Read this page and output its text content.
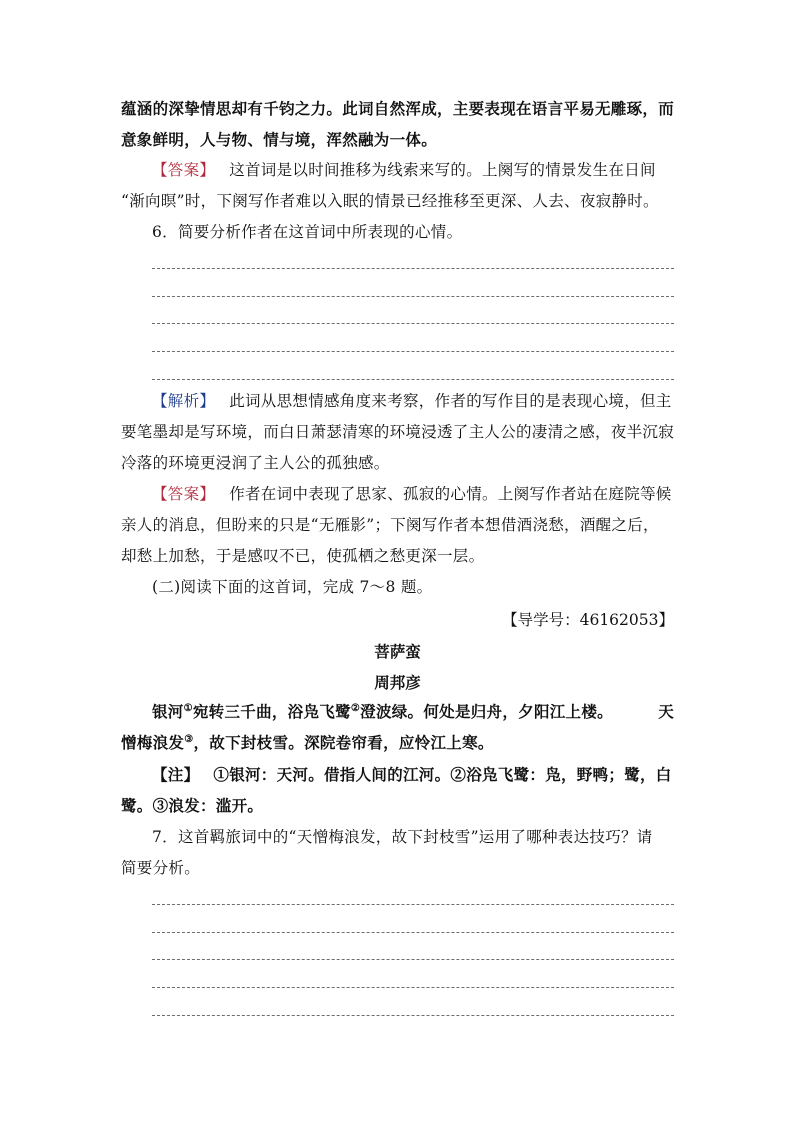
蕴涵的深挚情思却有千钧之力。此词自然浑成，主要表现在语言平易无雕琢，而
意象鲜明，人与物、情与境，浑然融为一体。
【答案】 这首词是以时间推移为线索来写的。上阕写的情景发生在日间
“渐向暝”时，下阕写作者难以入眠的情景已经推移至更深、人去、夜寂静时。
6．简要分析作者在这首词中所表现的心情。
【解析】 此词从思想情感角度来考察，作者的写作目的是表现心境，但主
要笔墨却是写环境，而白日萧瑟清寒的环境浸透了主人公的凄清之感，夜半沉寂
冷落的环境更浸润了主人公的孤独感。
【答案】 作者在词中表现了思家、孤寂的心情。上阕写作者站在庭院等候
亲人的消息，但盼来的只是“无雁影”；下阕写作者本想借酒浇愁，酒醒之后，
却愁上加愁，于是感叹不已，使孤栖之愁更深一层。
(二)阅读下面的这首词，完成 7～8 题。
【导学号：46162053】
菩萨蛮
周邦彦
银河①宛转三千曲，浴凫飞鹭②澄波绿。何处是归舟，夕阳江上楼。	天
憎梅浪发③，故下封枝雪。深院卷帘看，应怜江上寒。
【注】 ①银河：天河。借指人间的江河。②浴凫飞鹭：凫，野鸭；鹭，白
鹭。③浪发：滥开。
7．这首羁旅词中的“天憎梅浪发，故下封枝雪”运用了哪种表达技巧？请
简要分析。
